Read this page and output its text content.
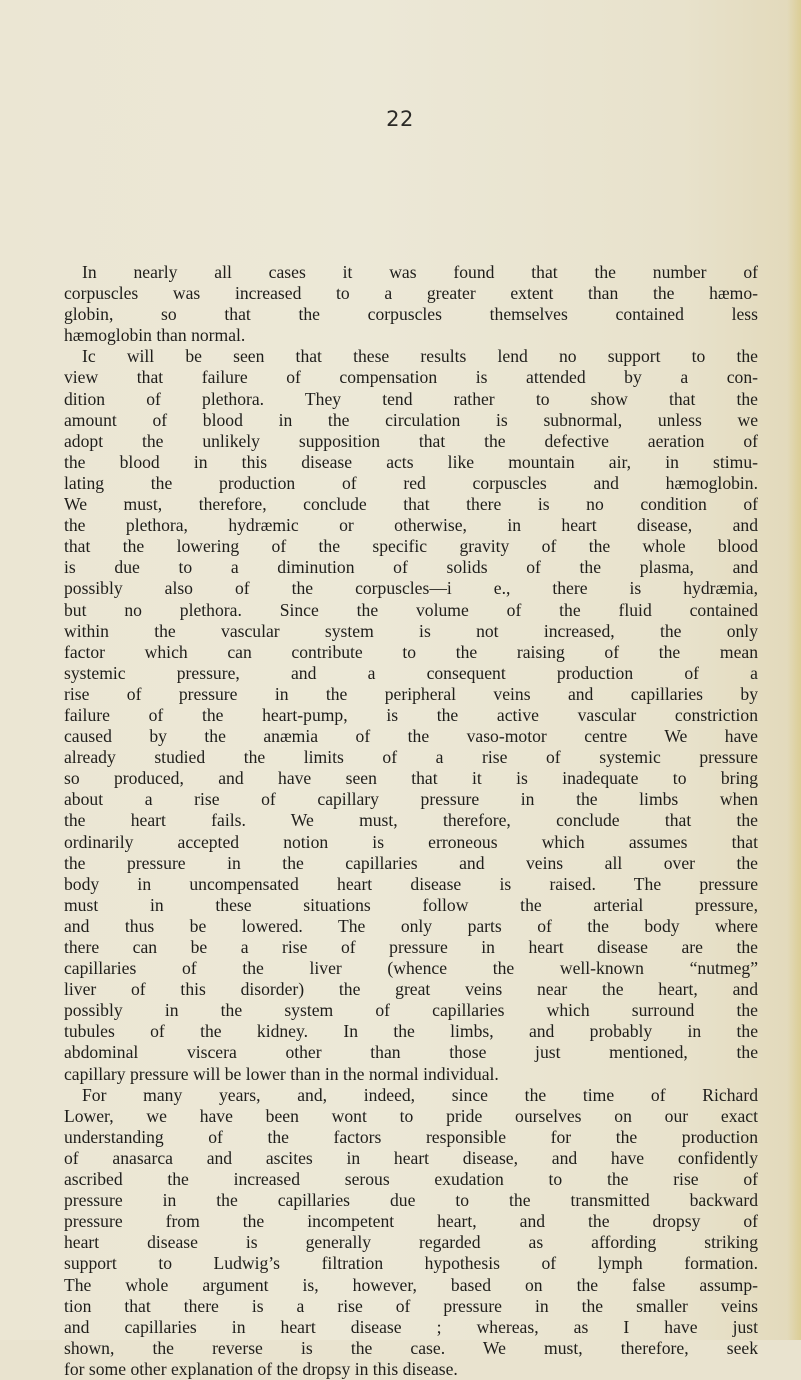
22
In nearly all cases it was found that the number of
corpuscles was increased to a greater extent than the hæmo-
globin, so that the corpuscles themselves contained less
hæmoglobin than normal.
Ic will be seen that these results lend no support to the
view that failure of compensation is attended by a con-
dition of plethora. They tend rather to show that the
amount of blood in the circulation is subnormal, unless we
adopt the unlikely supposition that the defective aeration of
the blood in this disease acts like mountain air, in stimu-
lating the production of red corpuscles and hæmoglobin.
We must, therefore, conclude that there is no condition of
the plethora, hydræmic or otherwise, in heart disease, and
that the lowering of the specific gravity of the whole blood
is due to a diminution of solids of the plasma, and
possibly also of the corpuscles—i e., there is hydræmia,
but no plethora. Since the volume of the fluid contained
within the vascular system is not increased, the only
factor which can contribute to the raising of the mean
systemic pressure, and a consequent production of a
rise of pressure in the peripheral veins and capillaries by
failure of the heart-pump, is the active vascular constriction
caused by the anæmia of the vaso-motor centre We have
already studied the limits of a rise of systemic pressure
so produced, and have seen that it is inadequate to bring
about a rise of capillary pressure in the limbs when
the heart fails. We must, therefore, conclude that the
ordinarily accepted notion is erroneous which assumes that
the pressure in the capillaries and veins all over the
body in uncompensated heart disease is raised. The pressure
must in these situations follow the arterial pressure,
and thus be lowered. The only parts of the body where
there can be a rise of pressure in heart disease are the
capillaries of the liver (whence the well-known “nutmeg”
liver of this disorder) the great veins near the heart, and
possibly in the system of capillaries which surround the
tubules of the kidney. In the limbs, and probably in the
abdominal viscera other than those just mentioned, the
capillary pressure will be lower than in the normal individual.
For many years, and, indeed, since the time of Richard
Lower, we have been wont to pride ourselves on our exact
understanding of the factors responsible for the production
of anasarca and ascites in heart disease, and have confidently
ascribed the increased serous exudation to the rise of
pressure in the capillaries due to the transmitted backward
pressure from the incompetent heart, and the dropsy of
heart disease is generally regarded as affording striking
support to Ludwig’s filtration hypothesis of lymph formation.
The whole argument is, however, based on the false assump-
tion that there is a rise of pressure in the smaller veins
and capillaries in heart disease ; whereas, as I have just
shown, the reverse is the case. We must, therefore, seek
for some other explanation of the dropsy in this disease.
